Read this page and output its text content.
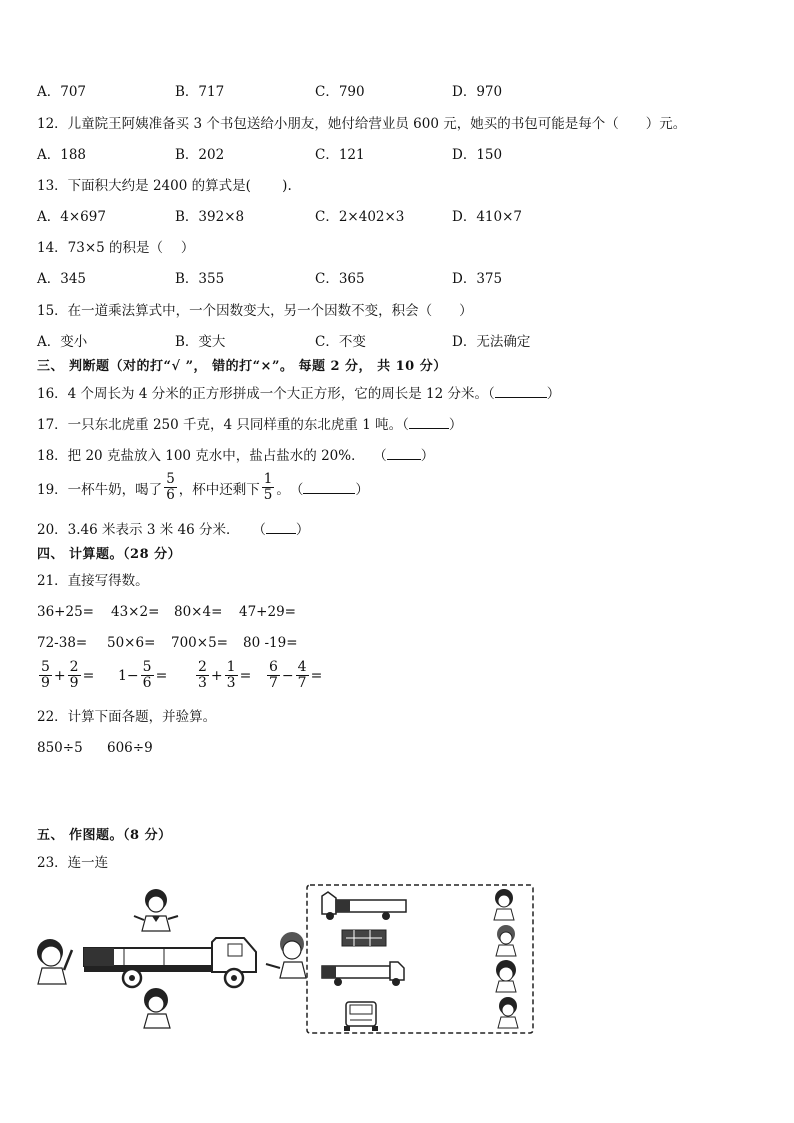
A．707	B．717	C．790	D．970
12．儿童院王阿姨准备买 3 个书包送给小朋友，她付给营业员 600 元，她买的书包可能是每个（　　）元。
A．188	B．202	C．121	D．150
13．下面积大约是 2400 的算式是(　　 ).
A．4×697	B．392×8	C．2×402×3	D．410×7
14．73×5 的积是（　 ）
A．345	B．355	C．365	D．375
15．在一道乘法算式中，一个因数变大，另一个因数不变，积会（　　）
A．变小	B．变大	C．不变	D．无法确定
三、 判断题（对的打“√ ”， 错的打“×”。 每题 2 分， 共 10 分）
16．4 个周长为 4 分米的正方形拼成一个大正方形，它的周长是 12 分米。（	）
17．一只东北虎重 250 千克，4 只同样重的东北虎重 1 吨。（	）
18．把 20 克盐放入 100 克水中，盐占盐水的 20%． （	）
19．一杯牛奶，喝了 $\frac{5}{6}$ ，杯中还剩下 $\frac{1}{5}$ 。 （	）
20．3.46 米表示 3 米 46 分米． （ ）
四、 计算题。（28 分）
21．直接写得数。
36+25= 43×2= 80×4= 47+29=
72-38= 50×6= 700×5= 80 -19=
$\frac{5}{9} + \frac{2}{9} = 1- \frac{5}{6} = \frac{2}{3} + \frac{1}{3} = \frac{6}{7} - \frac{4}{7}$ =
22．计算下面各题，并验算。
850÷5 606÷9
五、 作图题。（8 分）
23．连一连
